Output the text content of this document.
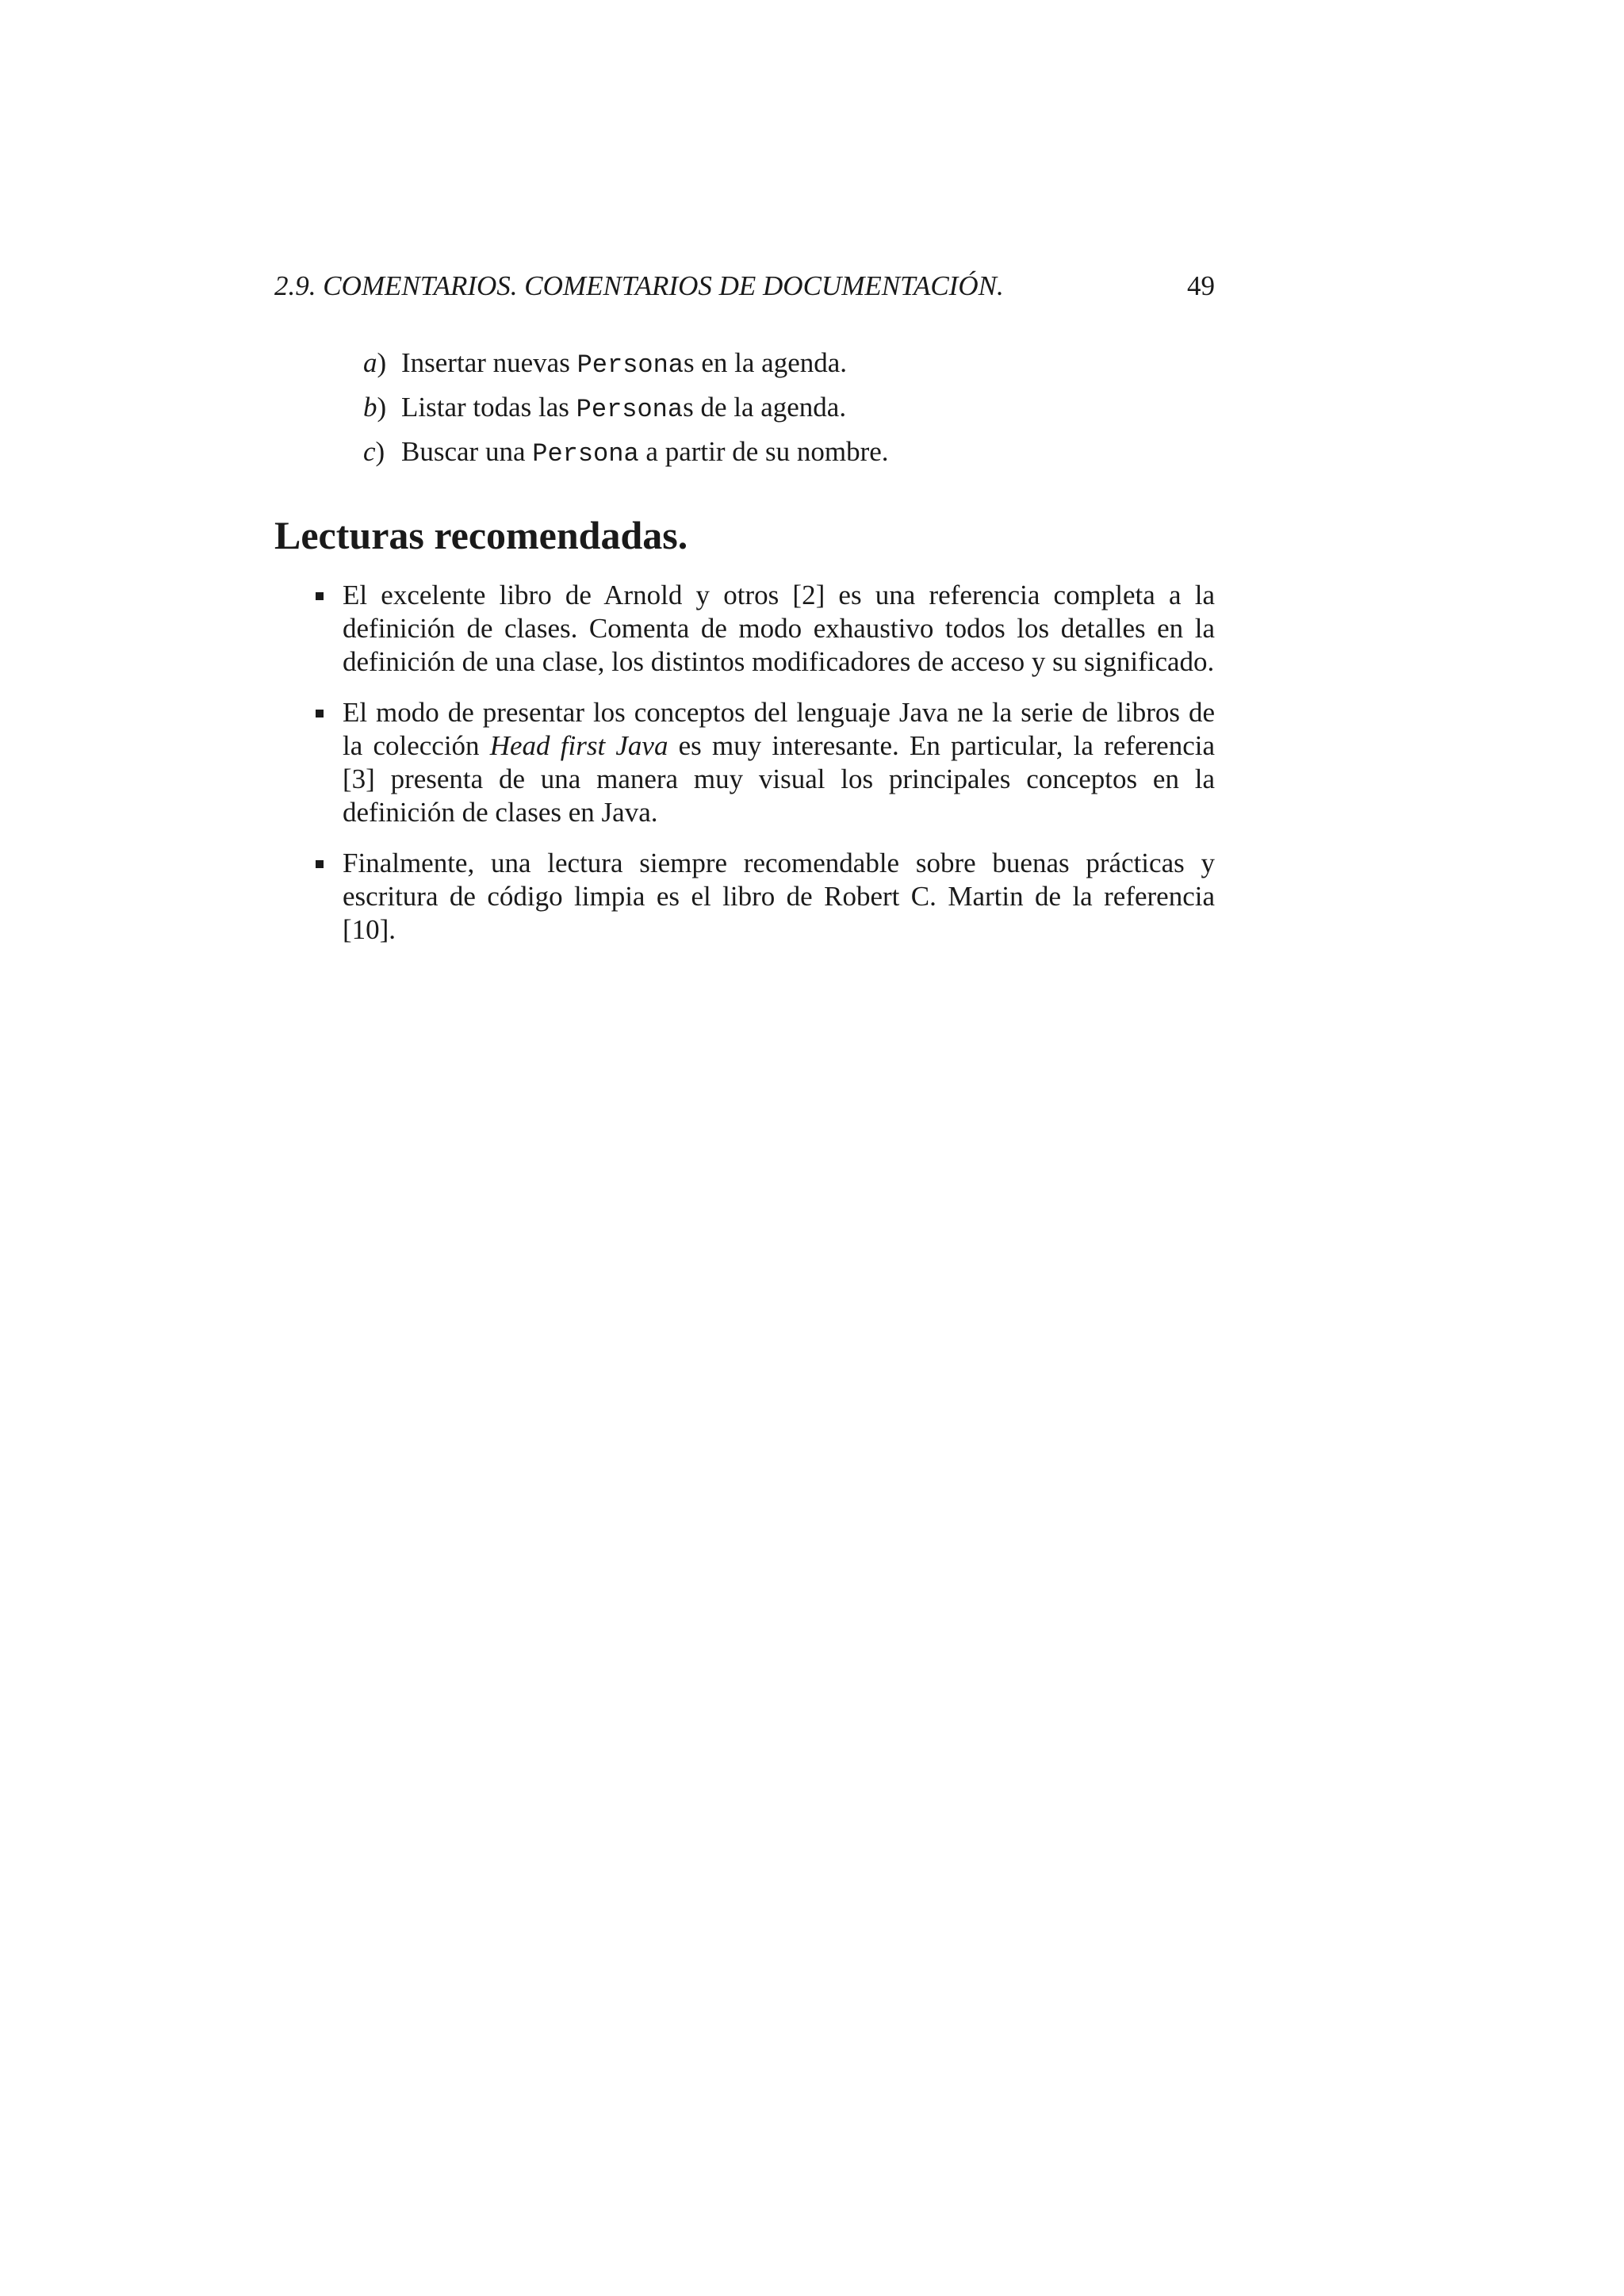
2.9. COMENTARIOS. COMENTARIOS DE DOCUMENTACIÓN.	49
a) Insertar nuevas Personas en la agenda.
b) Listar todas las Personas de la agenda.
c) Buscar una Persona a partir de su nombre.
Lecturas recomendadas.
El excelente libro de Arnold y otros [2] es una referencia completa a la definición de clases. Comenta de modo exhaustivo todos los detalles en la definición de una clase, los distintos modificadores de acceso y su significado.
El modo de presentar los conceptos del lenguaje Java ne la serie de libros de la colección Head first Java es muy interesante. En particular, la referencia [3] presenta de una manera muy visual los principales conceptos en la definición de clases en Java.
Finalmente, una lectura siempre recomendable sobre buenas prácticas y escritura de código limpia es el libro de Robert C. Martin de la referencia [10].
